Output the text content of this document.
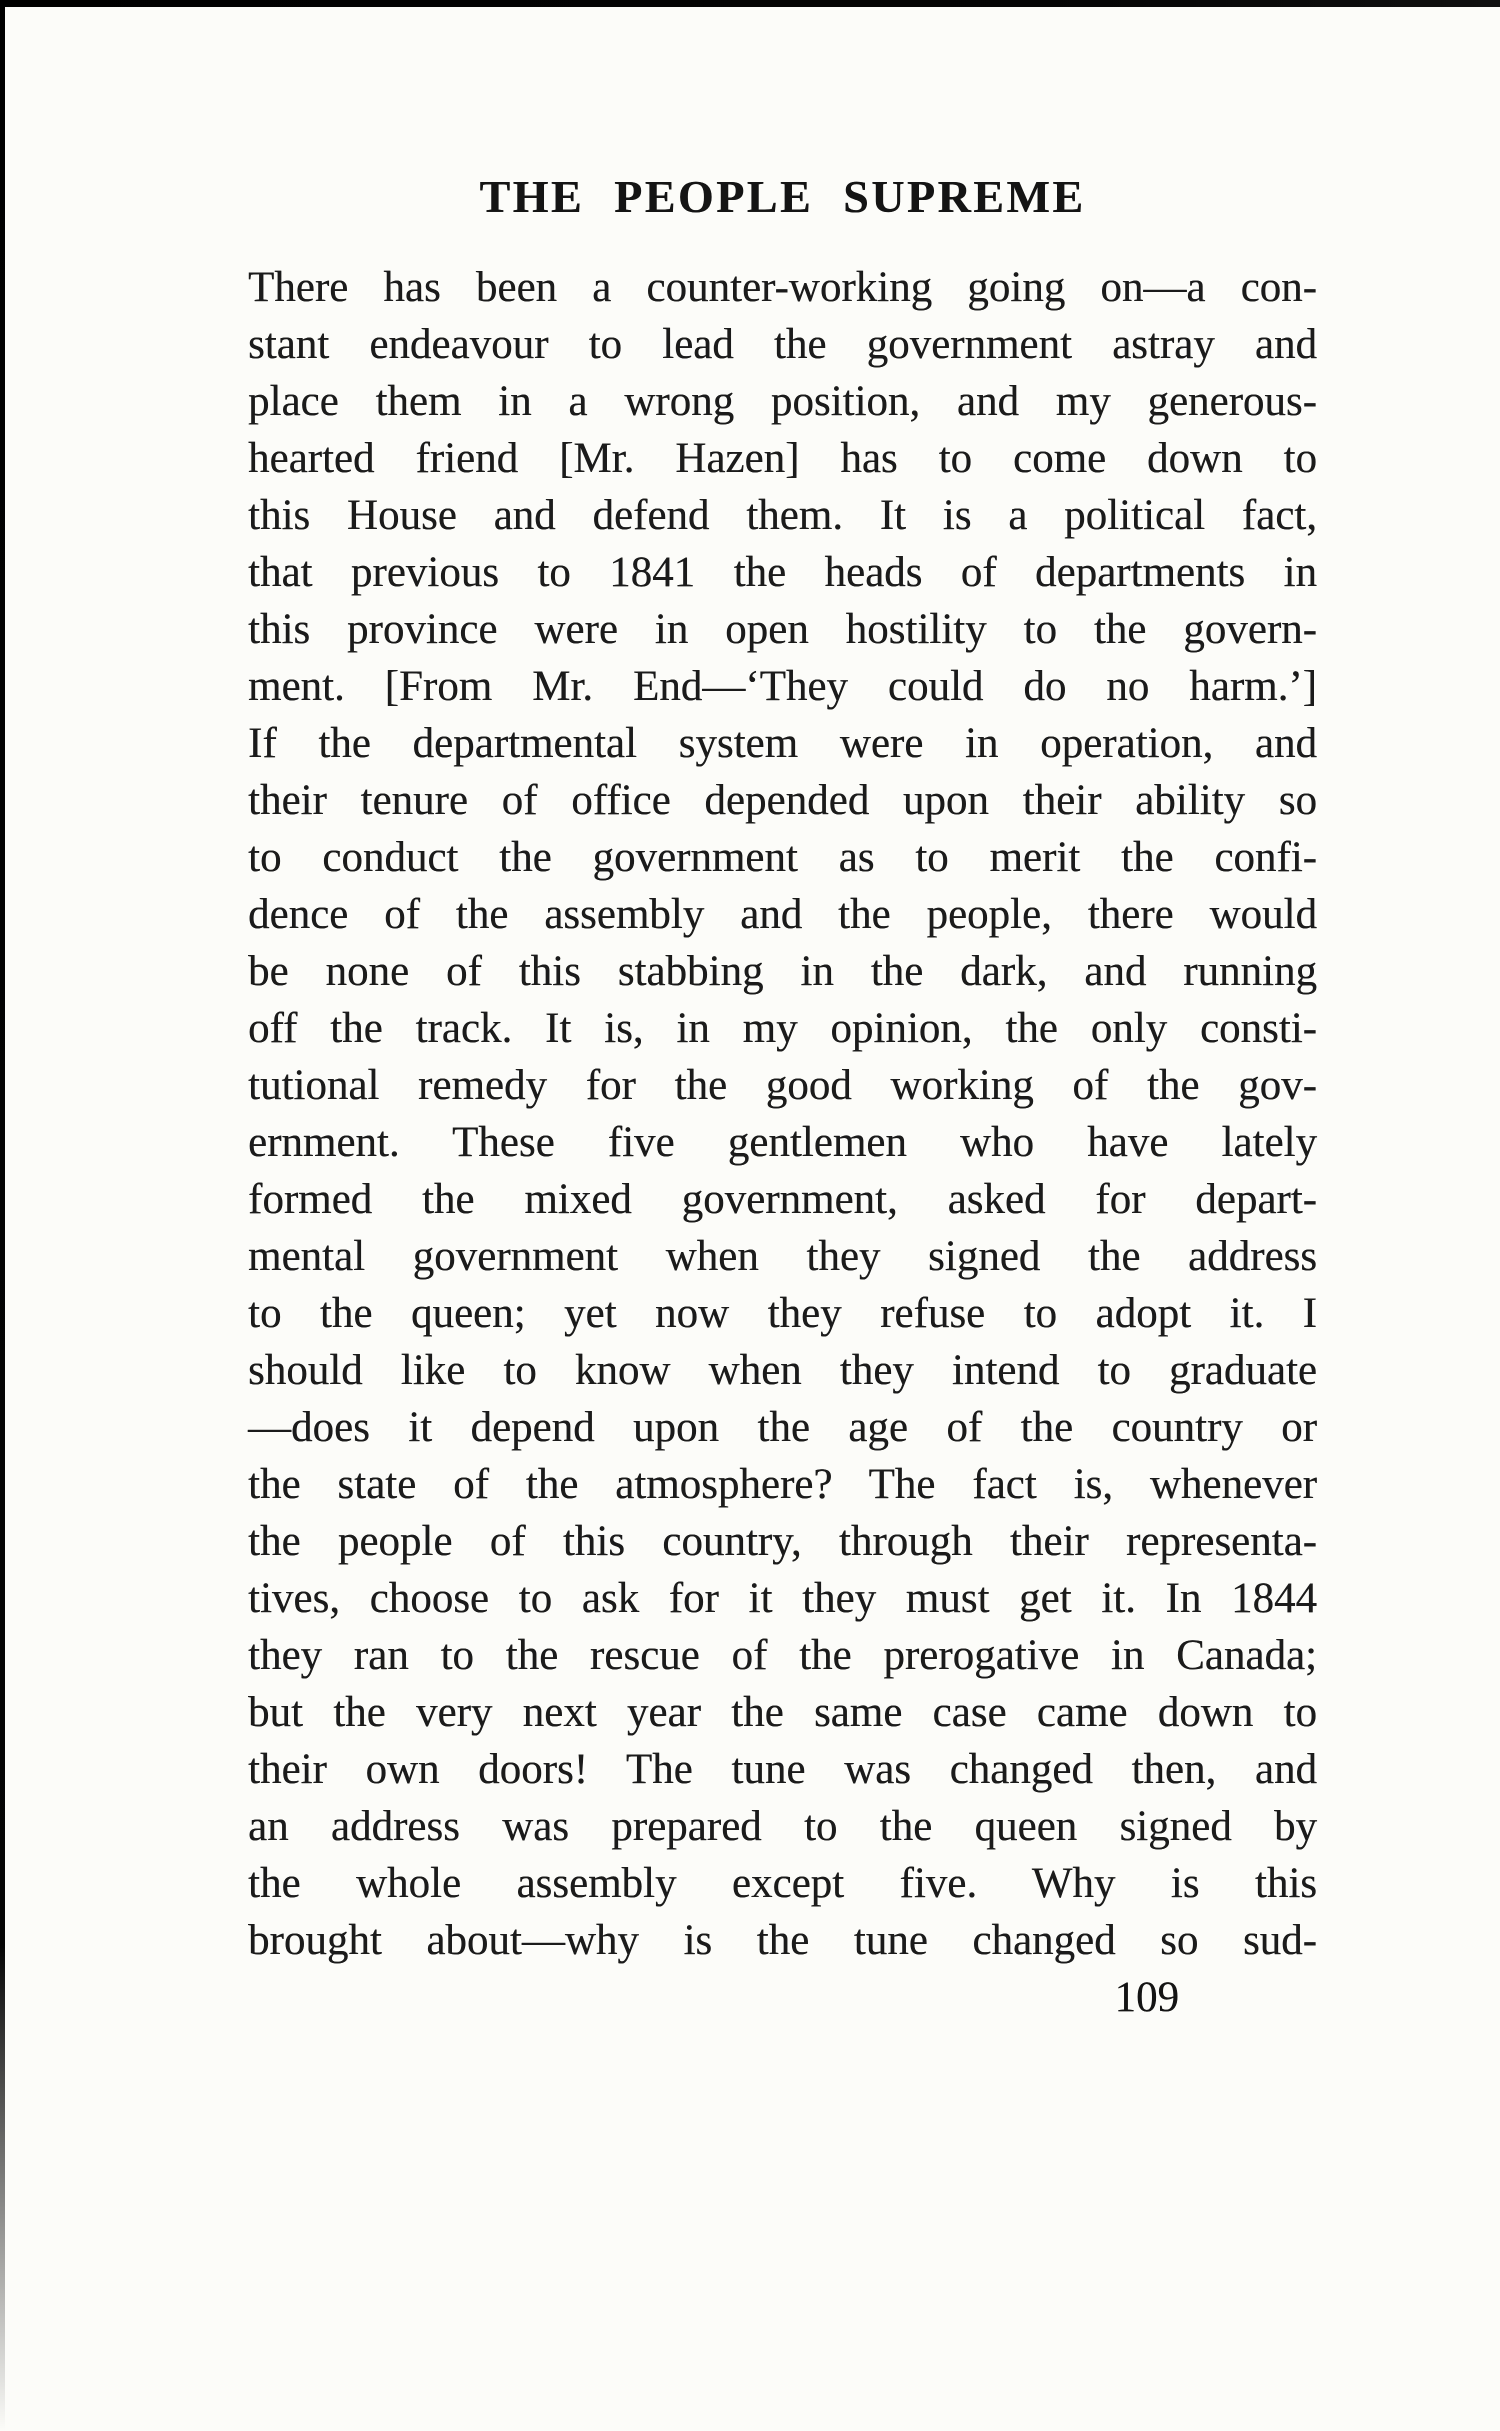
THE PEOPLE SUPREME
There has been a counter-working going on—a con-
stant endeavour to lead the government astray and
place them in a wrong position, and my generous-
hearted friend [Mr. Hazen] has to come down to
this House and defend them. It is a political fact,
that previous to 1841 the heads of departments in
this province were in open hostility to the govern-
ment. [From Mr. End—‘They could do no harm.’]
If the departmental system were in operation, and
their tenure of office depended upon their ability so
to conduct the government as to merit the confi-
dence of the assembly and the people, there would
be none of this stabbing in the dark, and running
off the track. It is, in my opinion, the only consti-
tutional remedy for the good working of the gov-
ernment. These five gentlemen who have lately
formed the mixed government, asked for depart-
mental government when they signed the address
to the queen; yet now they refuse to adopt it. I
should like to know when they intend to graduate
—does it depend upon the age of the country or
the state of the atmosphere? The fact is, whenever
the people of this country, through their representa-
tives, choose to ask for it they must get it. In 1844
they ran to the rescue of the prerogative in Canada;
but the very next year the same case came down to
their own doors! The tune was changed then, and
an address was prepared to the queen signed by
the whole assembly except five. Why is this
brought about—why is the tune changed so sud-
109
